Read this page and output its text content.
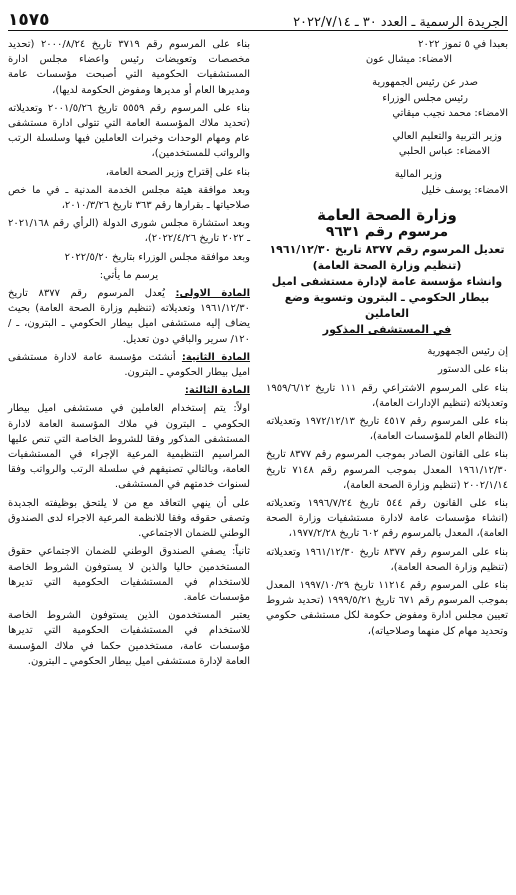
الجريدة الرسمية ـ العدد ٣٠ ـ ٢٠٢٢/٧/١٤
١٥٧٥
بعبدا في ٥ تموز ٢٠٢٢
الامضاء: ميشال عون
صدر عن رئيس الجمهورية
رئيس مجلس الوزراء
الامضاء: محمد نجيب ميقاتي
وزير التربية والتعليم العالي
الامضاء: عباس الحلبي
وزير المالية
الامضاء: يوسف خليل
وزارة الصحة العامة
مرسوم رقم ٩٦٣١
تعديل المرسوم رقم ٨٣٧٧ تاريخ ١٩٦١/١٢/٣٠
(تنظيم وزارة الصحة العامة)
وانشاء مؤسسة عامة لإدارة مستشفى اميل بيطار الحكومي ـ البترون وتسوية وضع العاملين
في المستشفى المذكور

إن رئيس الجمهورية

بناء على الدستور

بناء على المرسوم الاشتراعي رقم ١١١ تاريخ ١٩٥٩/٦/١٢ وتعديلاته (تنظيم الإدارات العامة)،

بناء على المرسوم رقم ٤٥١٧ تاريخ ١٩٧٢/١٢/١٣ وتعديلاته (النظام العام للمؤسسات العامة)،

بناء على القانون الصادر بموجب المرسوم رقم ٨٣٧٧ تاريخ ١٩٦١/١٢/٣٠ المعدل بموجب المرسوم رقم ٧١٤٨ تاريخ ٢٠٠٢/١/١٤ (تنظيم وزارة الصحة العامة)،

بناء على القانون رقم ٥٤٤ تاريخ ١٩٩٦/٧/٢٤ وتعديلاته (انشاء مؤسسات عامة لادارة مستشفيات وزارة الصحة العامة)، المعدل بالمرسوم رقم ٦٠٢ تاريخ ١٩٧٧/٢/٢٨،

بناء على المرسوم رقم ٨٣٧٧ تاريخ ١٩٦١/١٢/٣٠ وتعديلاته (تنظيم وزارة الصحة العامة)،

بناء على المرسوم رقم ١١٢١٤ تاريخ ١٩٩٧/١٠/٢٩ المعدل بموجب المرسوم رقم ٦٧١ تاريخ ١٩٩٩/٥/٢١ (تحديد شروط تعيين مجلس ادارة ومفوض حكومة لكل مستشفى حكومي وتحديد مهام كل منهما وصلاحياته)،

بناء على المرسوم رقم ٣٧١٩ تاريخ ٢٠٠٠/٨/٢٤ (تحديد مخصصات وتعويضات رئيس واعضاء مجلس ادارة المستشفيات الحكومية التي أصبحت مؤسسات عامة ومديرها العام أو مديرها ومفوض الحكومة لديها)،

بناء على المرسوم رقم ٥٥٥٩ تاريخ ٢٠٠١/٥/٢٦ وتعديلاته (تحديد ملاك المؤسسة العامة التي تتولى ادارة مستشفى عام ومهام الوحدات وخبرات العاملين فيها وسلسلة الرتب والرواتب للمستخدمين)،

بناء على إقتراح وزير الصحة العامة،

وبعد موافقة هيئة مجلس الخدمة المدنية ـ في ما خص صلاحياتها ـ بقرارها رقم ٣٦٣ تاريخ ٢٠١٠/٣/٢٦،

وبعد استشارة مجلس شورى الدولة (الرأي رقم ٢٠٢١/١٦٨ ـ ٢٠٢٢ تاريخ ٢٠٢٢/٤/٢٦)،

وبعد موافقة مجلس الوزراء بتاريخ ٢٠٢٢/٥/٢٠

يرسم ما يأتي:

المادة الاولى: يُعدل المرسوم رقم ٨٣٧٧ تاريخ ١٩٦١/١٢/٣٠ وتعديلاته (تنظيم وزارة الصحة العامة) بحيث يضاف إليه مستشفى اميل بيطار الحكومي ـ البترون، ـ /١٢٠/ سرير والباقي دون تعديل.

المادة الثانية: أنشئت مؤسسة عامة لادارة مستشفى اميل بيطار الحكومي ـ البترون.

المادة الثالثة:

اولاً: يتم إستخدام العاملين في مستشفى اميل بيطار الحكومي ـ البترون في ملاك المؤسسة العامة لادارة المستشفى المذكور وفقا للشروط الخاصة التي تنص عليها المراسيم التنظيمية المرعية الإجراء في المستشفيات العامة، وبالتالي تصنيفهم في سلسلة الرتب والرواتب وفقا لسنوات خدمتهم في المستشفى.

على أن ينهي التعاقد مع من لا يلتحق بوظيفته الجديدة وتصفى حقوقه وفقا للانظمة المرعية الاجراء لدى الصندوق الوطني للضمان الاجتماعي.

ثانياً: يصفي الصندوق الوطني للضمان الاجتماعي حقوق المستخدمين حاليا والذين لا يستوفون الشروط الخاصة للاستخدام في المستشفيات الحكومية التي تديرها مؤسسات عامة.

يعتبر المستخدمون الذين يستوفون الشروط الخاصة للاستخدام في المستشفيات الحكومية التي تديرها مؤسسات عامة، مستخدمين حكما في ملاك المؤسسة العامة لإدارة مستشفى اميل بيطار الحكومي ـ البترون.
